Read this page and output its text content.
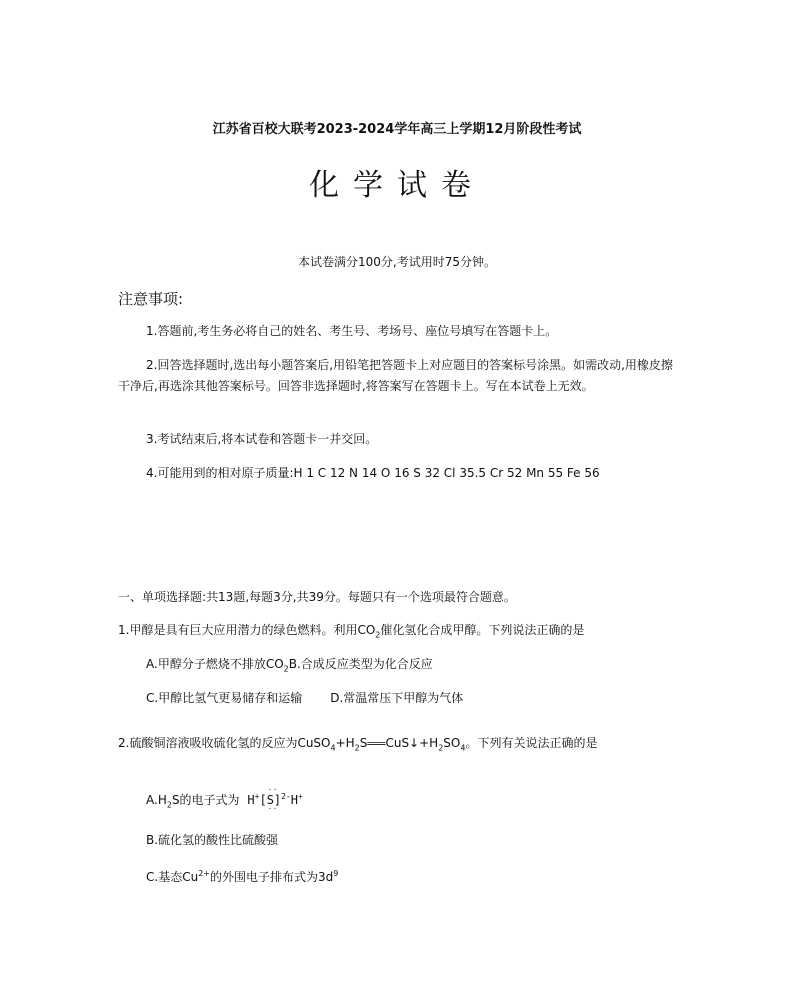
江苏省百校大联考2023-2024学年高三上学期12月阶段性考试
化学试卷
本试卷满分100分,考试用时75分钟。
注意事项:
1.答题前,考生务必将自己的姓名、考生号、考场号、座位号填写在答题卡上。
2.回答选择题时,选出每小题答案后,用铅笔把答题卡上对应题目的答案标号涂黑。如需改动,用橡皮擦干净后,再选涂其他答案标号。回答非选择题时,将答案写在答题卡上。写在本试卷上无效。
3.考试结束后,将本试卷和答题卡一并交回。
4.可能用到的相对原子质量:H 1 C 12 N 14 O 16 S 32 Cl 35.5 Cr 52 Mn 55 Fe 56
一、单项选择题:共13题,每题3分,共39分。每题只有一个选项最符合题意。
1.甲醇是具有巨大应用潜力的绿色燃料。利用$CO_2$催化氢化合成甲醇。下列说法正确的是
A.甲醇分子燃烧不排放$CO_2B$.合成反应类型为化合反应
C.甲醇比氢气更易储存和运输 D.常温常压下甲醇为气体
2.硫酸铜溶液吸收硫化氢的反应为$CuSO_4+H_2S═══CuS↓+H_2SO_4$。下列有关说法正确的是
$A.H_2S$的电子式为 H+[
··
S
··
]$^{2-}$H+
B.硫化氢的酸性比硫酸强
C.基态$Cu^{2+}$的外围电子排布式为$3d^9$
